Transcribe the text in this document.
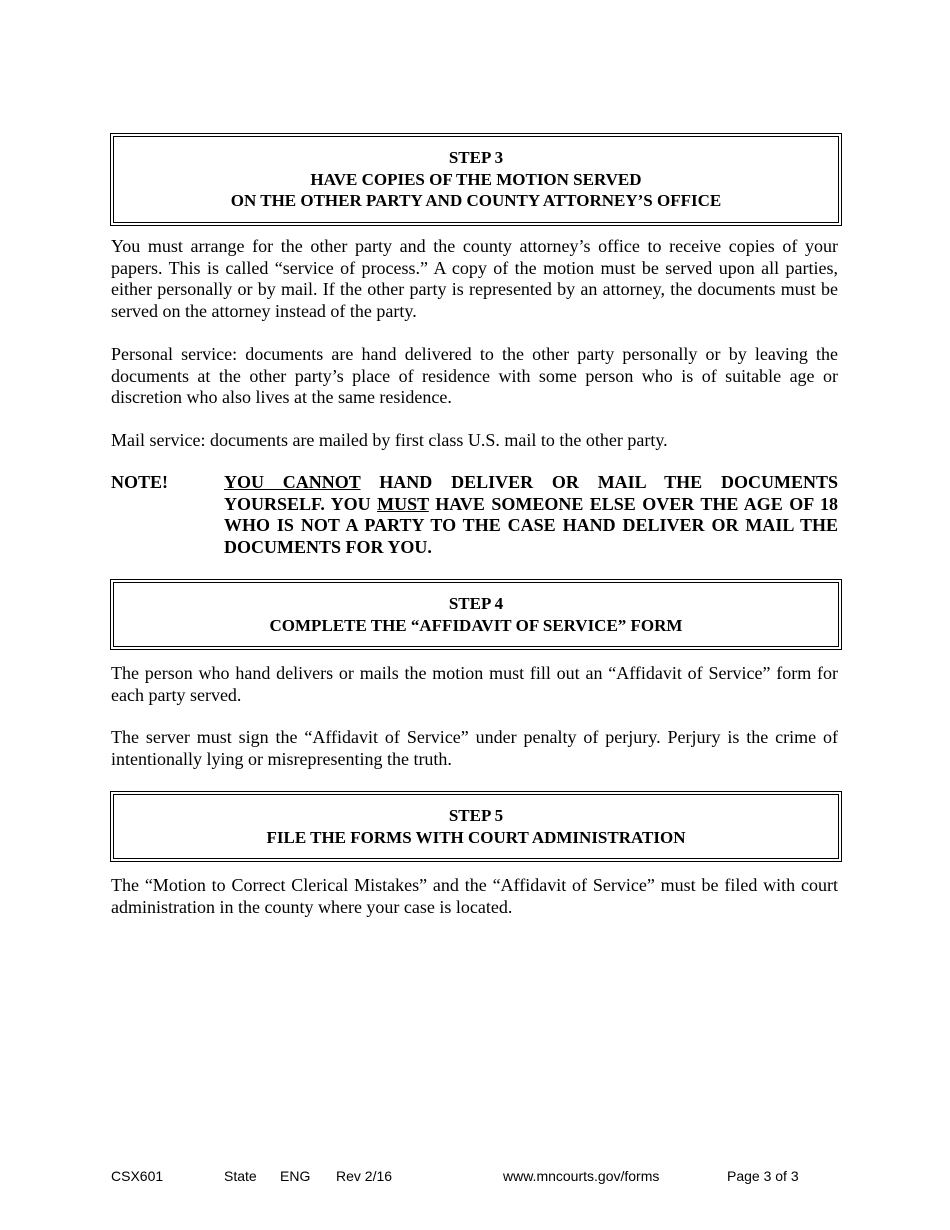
STEP 3
HAVE COPIES OF THE MOTION SERVED
ON THE OTHER PARTY AND COUNTY ATTORNEY’S OFFICE

You must arrange for the other party and the county attorney’s office to receive copies of your papers. This is called “service of process.” A copy of the motion must be served upon all parties, either personally or by mail. If the other party is represented by an attorney, the documents must be served on the attorney instead of the party.

Personal service: documents are hand delivered to the other party personally or by leaving the documents at the other party’s place of residence with some person who is of suitable age or discretion who also lives at the same residence.

Mail service: documents are mailed by first class U.S. mail to the other party.

NOTE!	YOU CANNOT HAND DELIVER OR MAIL THE DOCUMENTS YOURSELF. YOU MUST HAVE SOMEONE ELSE OVER THE AGE OF 18 WHO IS NOT A PARTY TO THE CASE HAND DELIVER OR MAIL THE DOCUMENTS FOR YOU.
STEP 4
COMPLETE THE “AFFIDAVIT OF SERVICE” FORM

The person who hand delivers or mails the motion must fill out an “Affidavit of Service” form for each party served.

The server must sign the “Affidavit of Service” under penalty of perjury. Perjury is the crime of intentionally lying or misrepresenting the truth.

STEP 5
FILE THE FORMS WITH COURT ADMINISTRATION

The “Motion to Correct Clerical Mistakes” and the “Affidavit of Service” must be filed with court administration in the county where your case is located.

CSX601	State ENG Rev 2/16	www.mncourts.gov/forms	Page 3 of 3
